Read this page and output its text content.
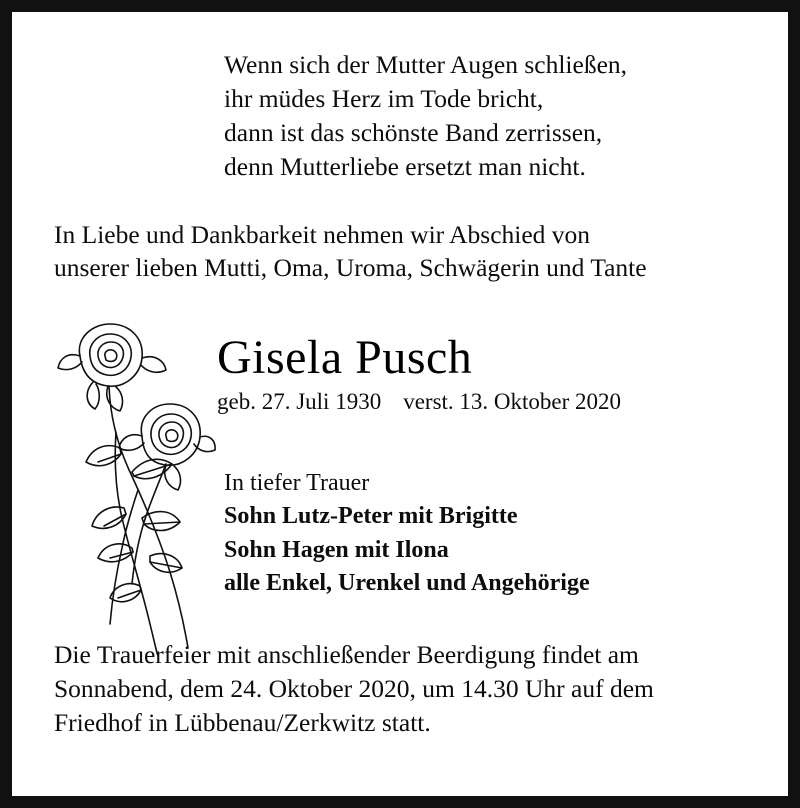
Wenn sich der Mutter Augen schließen,
ihr müdes Herz im Tode bricht,
dann ist das schönste Band zerrissen,
denn Mutterliebe ersetzt man nicht.
In Liebe und Dankbarkeit nehmen wir Abschied von
unserer lieben Mutti, Oma, Uroma, Schwägerin und Tante
Gisela Pusch
geb. 27. Juli 1930 verst. 13. Oktober 2020
In tiefer Trauer
Sohn Lutz-Peter mit Brigitte
Sohn Hagen mit Ilona
alle Enkel, Urenkel und Angehörige
Die Trauerfeier mit anschließender Beerdigung findet am
Sonnabend, dem 24. Oktober 2020, um 14.30 Uhr auf dem
Friedhof in Lübbenau/Zerkwitz statt.
